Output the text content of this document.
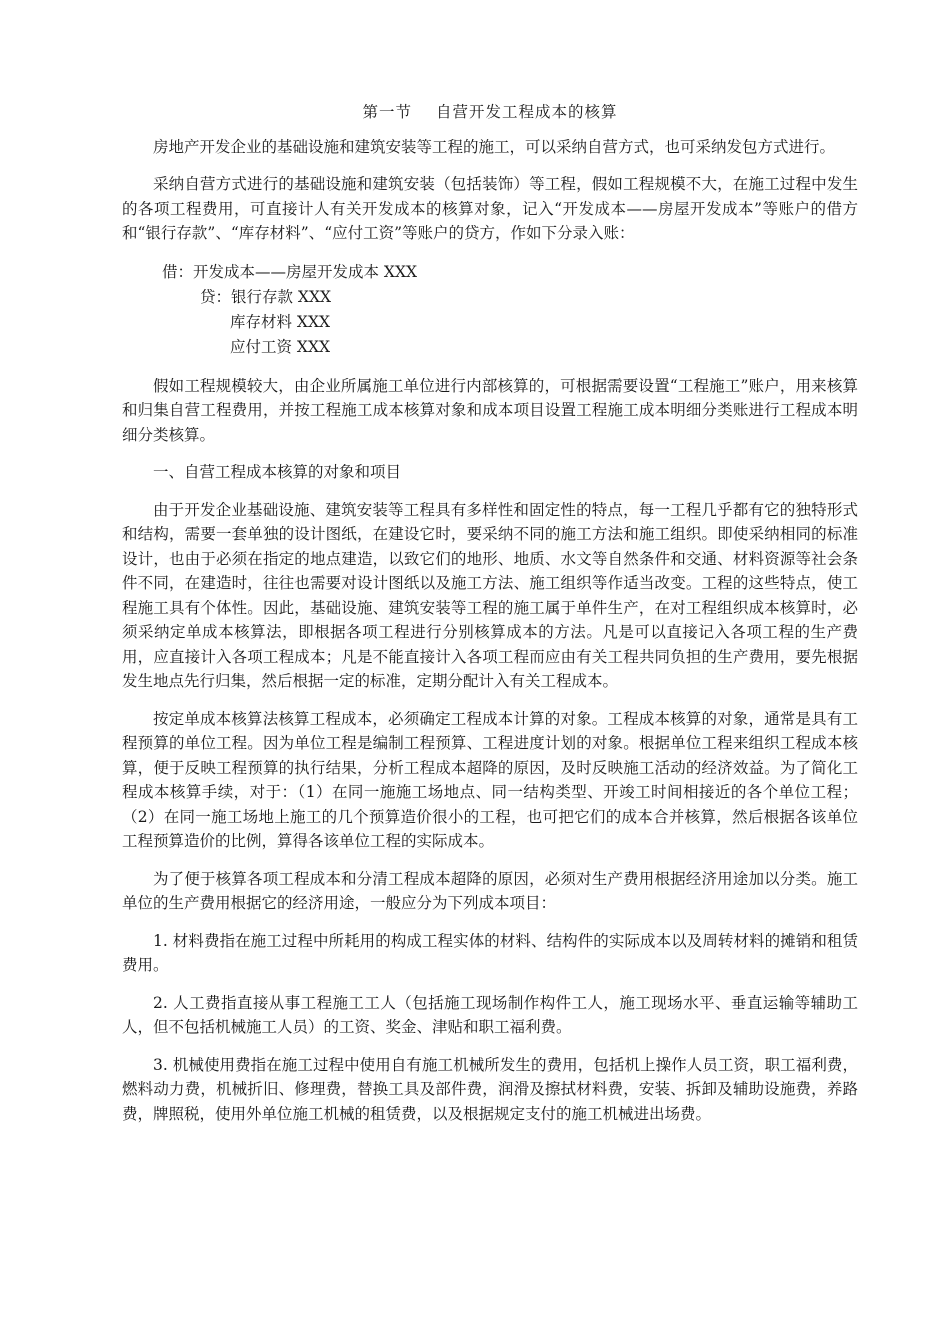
第一节 自营开发工程成本的核算

房地产开发企业的基础设施和建筑安装等工程的施工，可以采纳自营方式，也可采纳发包方式进行。

采纳自营方式进行的基础设施和建筑安装（包括装饰）等工程，假如工程规模不大，在施工过程中发生的各项工程费用，可直接计人有关开发成本的核算对象，记入“开发成本——房屋开发成本”等账户的借方和“银行存款”、“库存材料”、“应付工资”等账户的贷方，作如下分录入账：

借：开发成本——房屋开发成本 XXX
贷：银行存款 XXX
库存材料 XXX
应付工资 XXX

假如工程规模较大，由企业所属施工单位进行内部核算的，可根据需要设置“工程施工”账户，用来核算和归集自营工程费用，并按工程施工成本核算对象和成本项目设置工程施工成本明细分类账进行工程成本明细分类核算。

一、自营工程成本核算的对象和项目

由于开发企业基础设施、建筑安装等工程具有多样性和固定性的特点，每一工程几乎都有它的独特形式和结构，需要一套单独的设计图纸，在建设它时，要采纳不同的施工方法和施工组织。即使采纳相同的标准设计，也由于必须在指定的地点建造，以致它们的地形、地质、水文等自然条件和交通、材料资源等社会条件不同，在建造时，往往也需要对设计图纸以及施工方法、施工组织等作适当改变。工程的这些特点，使工程施工具有个体性。因此，基础设施、建筑安装等工程的施工属于单件生产，在对工程组织成本核算时，必须采纳定单成本核算法，即根据各项工程进行分别核算成本的方法。凡是可以直接记入各项工程的生产费用，应直接计入各项工程成本；凡是不能直接计入各项工程而应由有关工程共同负担的生产费用，要先根据发生地点先行归集，然后根据一定的标准，定期分配计入有关工程成本。

按定单成本核算法核算工程成本，必须确定工程成本计算的对象。工程成本核算的对象，通常是具有工程预算的单位工程。因为单位工程是编制工程预算、工程进度计划的对象。根据单位工程来组织工程成本核算，便于反映工程预算的执行结果，分析工程成本超降的原因，及时反映施工活动的经济效益。为了简化工程成本核算手续，对于：（1）在同一施施工场地点、同一结构类型、开竣工时间相接近的各个单位工程；（2）在同一施工场地上施工的几个预算造价很小的工程，也可把它们的成本合并核算，然后根据各该单位工程预算造价的比例，算得各该单位工程的实际成本。

为了便于核算各项工程成本和分清工程成本超降的原因，必须对生产费用根据经济用途加以分类。施工单位的生产费用根据它的经济用途，一般应分为下列成本项目：

1. 材料费指在施工过程中所耗用的构成工程实体的材料、结构件的实际成本以及周转材料的摊销和租赁费用。

2. 人工费指直接从事工程施工工人（包括施工现场制作构件工人，施工现场水平、垂直运输等辅助工人，但不包括机械施工人员）的工资、奖金、津贴和职工福利费。

3. 机械使用费指在施工过程中使用自有施工机械所发生的费用，包括机上操作人员工资，职工福利费，燃料动力费，机械折旧、修理费，替换工具及部件费，润滑及擦拭材料费，安装、拆卸及辅助设施费，养路费，牌照税，使用外单位施工机械的租赁费，以及根据规定支付的施工机械进出场费。
